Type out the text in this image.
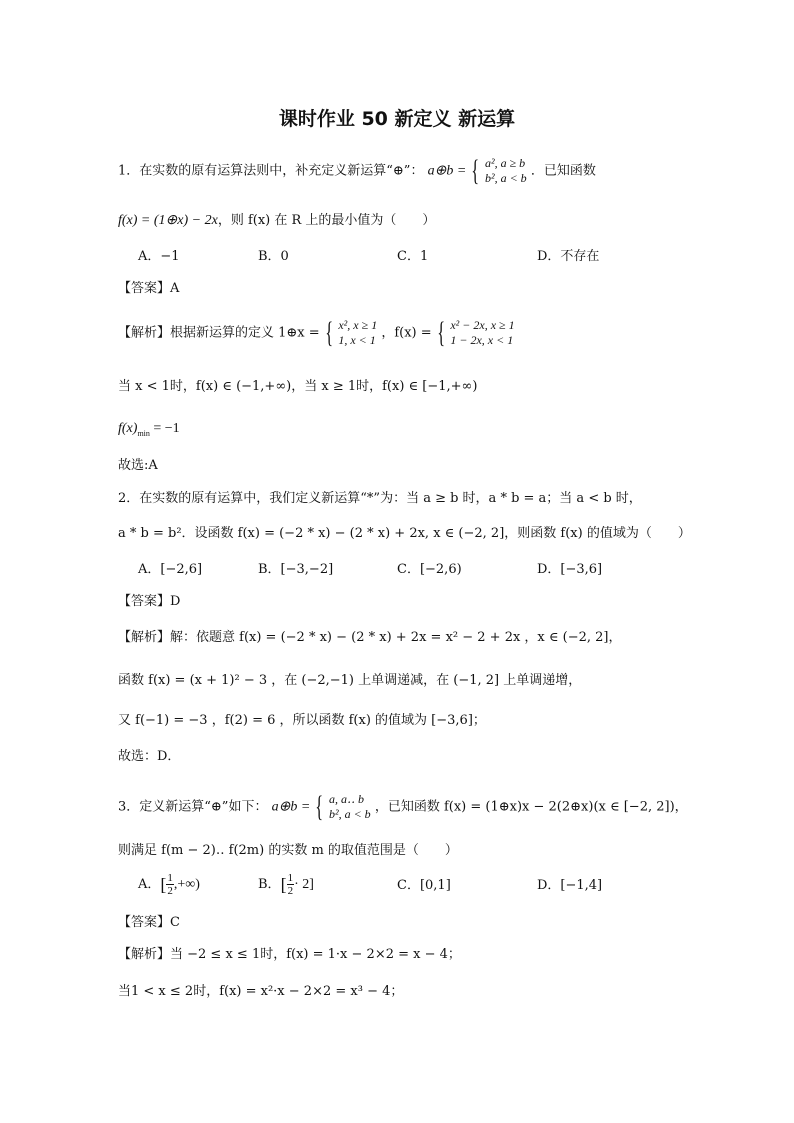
课时作业 50 新定义 新运算
1．在实数的原有运算法则中，补充定义新运算“⊕”： a⊕b = { a², a ≥ b
b², a < b ．已知函数
f(x) = (1⊕x) − 2x，则 f(x) 在 R 上的最小值为（　　）
A．−1	B．0	C．1	D．不存在
【答案】A
【解析】根据新运算的定义 1⊕x = { x², x ≥ 1
1, x < 1 ，f(x) = { x² − 2x, x ≥ 1
1 − 2x, x < 1
当 x < 1时，f(x) ∈ (−1,+∞)，当 x ≥ 1时，f(x) ∈ [−1,+∞)
$f(x)_{min} = -1$
故选:A
2．在实数的原有运算中，我们定义新运算“*”为：当 a ≥ b 时，a * b = a；当 a < b 时，
a * b = b²．设函数 f(x) = (−2 * x) − (2 * x) + 2x, x ∈ (−2, 2]，则函数 f(x) 的值域为（　　）
A．[−2,6]	B．[−3,−2]	C．[−2,6)	D．[−3,6]
【答案】D
【解析】解：依题意 f(x) = (−2 * x) − (2 * x) + 2x = x² − 2 + 2x ，x ∈ (−2, 2]，
函数 f(x) = (x + 1)² − 3 ，在 (−2,−1) 上单调递减，在 (−1, 2] 上单调递增，
又 f(−1) = −3 ，f(2) = 6 ，所以函数 f(x) 的值域为 [−3,6]；
故选：D．
3．定义新运算“⊕”如下： a⊕b = { a, a‥ b
b², a < b ，已知函数 f(x) = (1⊕x)x − 2(2⊕x)(x ∈ [−2, 2])，
则满足 f(m − 2)‥ f(2m) 的实数 m 的取值范围是（　　）
A．[ $\frac{1}{2}$ ,+∞)	B．[ $\frac{1}{2} \cdot 2$]	C．[0,1]	D．[−1,4]
【答案】C
【解析】当 −2 ≤ x ≤ 1时，f(x) = 1·x − 2×2 = x − 4；
当1 < x ≤ 2时，f(x) = x²·x − 2×2 = x³ − 4；
